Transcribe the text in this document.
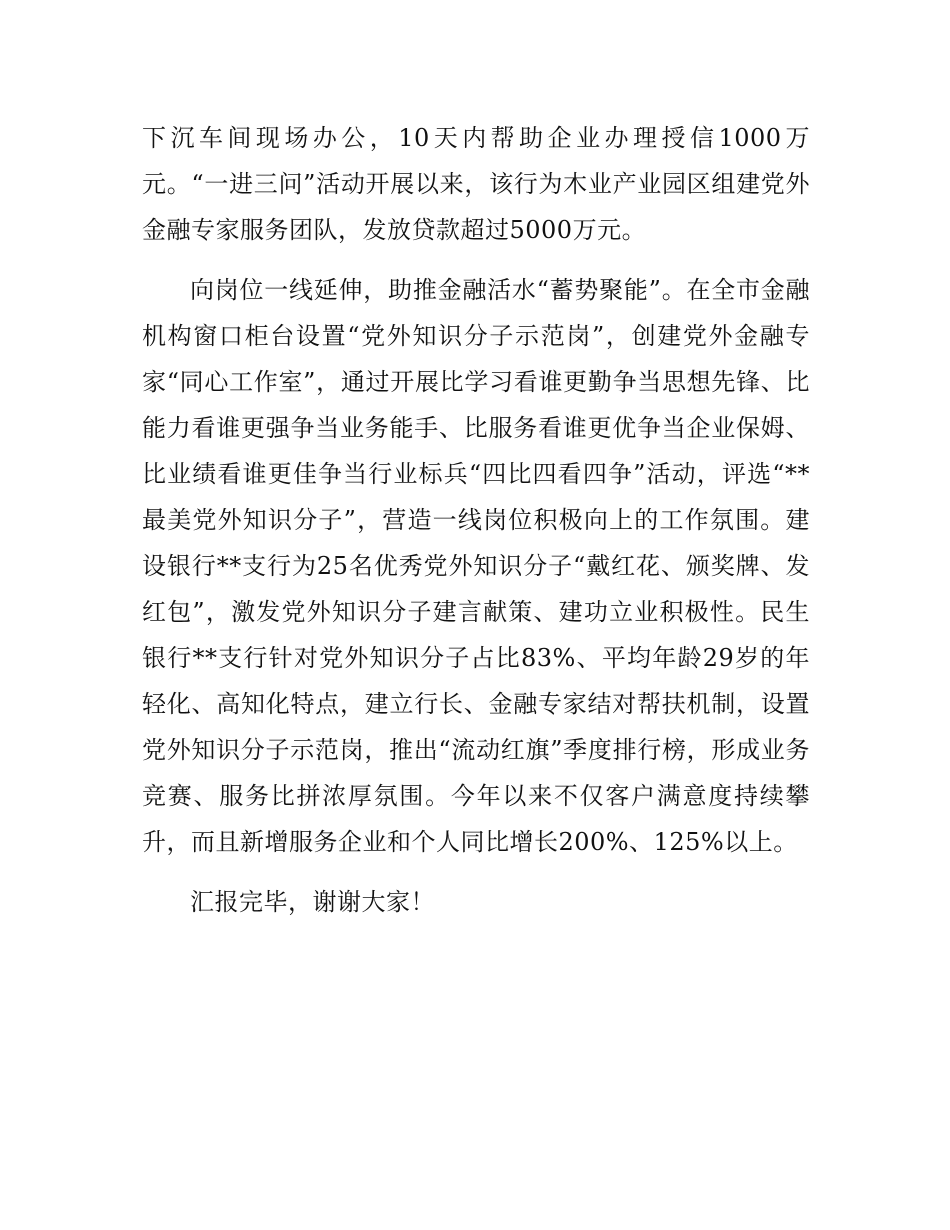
下沉车间现场办公，10天内帮助企业办理授信1000万元。“一进三问”活动开展以来，该行为木业产业园区组建党外金融专家服务团队，发放贷款超过5000万元。

向岗位一线延伸，助推金融活水“蓄势聚能”。在全市金融机构窗口柜台设置“党外知识分子示范岗”，创建党外金融专家“同心工作室”，通过开展比学习看谁更勤争当思想先锋、比能力看谁更强争当业务能手、比服务看谁更优争当企业保姆、比业绩看谁更佳争当行业标兵“四比四看四争”活动，评选“**最美党外知识分子”，营造一线岗位积极向上的工作氛围。建设银行**支行为25名优秀党外知识分子“戴红花、颁奖牌、发红包”，激发党外知识分子建言献策、建功立业积极性。民生银行**支行针对党外知识分子占比83%、平均年龄29岁的年轻化、高知化特点，建立行长、金融专家结对帮扶机制，设置党外知识分子示范岗，推出“流动红旗”季度排行榜，形成业务竞赛、服务比拼浓厚氛围。今年以来不仅客户满意度持续攀升，而且新增服务企业和个人同比增长200%、125%以上。

汇报完毕，谢谢大家！
